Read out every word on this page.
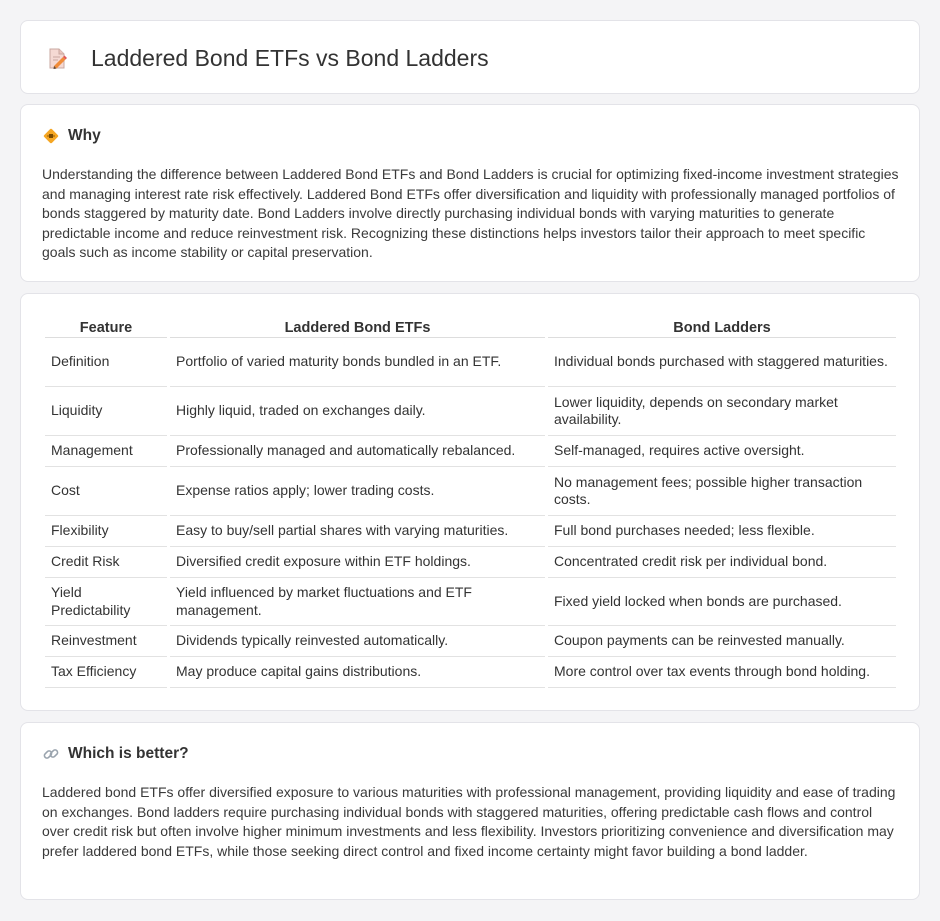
Laddered Bond ETFs vs Bond Ladders
Why

Understanding the difference between Laddered Bond ETFs and Bond Ladders is crucial for optimizing fixed-income investment strategies and managing interest rate risk effectively. Laddered Bond ETFs offer diversification and liquidity with professionally managed portfolios of bonds staggered by maturity date. Bond Ladders involve directly purchasing individual bonds with varying maturities to generate predictable income and reduce reinvestment risk. Recognizing these distinctions helps investors tailor their approach to meet specific goals such as income stability or capital preservation.

Feature	Laddered Bond ETFs	Bond Ladders
Definition	Portfolio of varied maturity bonds bundled in an ETF.	Individual bonds purchased with staggered maturities.
Liquidity	Highly liquid, traded on exchanges daily.	Lower liquidity, depends on secondary market availability.
Management	Professionally managed and automatically rebalanced.	Self-managed, requires active oversight.
Cost	Expense ratios apply; lower trading costs.	No management fees; possible higher transaction costs.
Flexibility	Easy to buy/sell partial shares with varying maturities.	Full bond purchases needed; less flexible.
Credit Risk	Diversified credit exposure within ETF holdings.	Concentrated credit risk per individual bond.
Yield Predictability	Yield influenced by market fluctuations and ETF management.	Fixed yield locked when bonds are purchased.
Reinvestment	Dividends typically reinvested automatically.	Coupon payments can be reinvested manually.
Tax Efficiency	May produce capital gains distributions.	More control over tax events through bond holding.
Which is better?

Laddered bond ETFs offer diversified exposure to various maturities with professional management, providing liquidity and ease of trading on exchanges. Bond ladders require purchasing individual bonds with staggered maturities, offering predictable cash flows and control over credit risk but often involve higher minimum investments and less flexibility. Investors prioritizing convenience and diversification may prefer laddered bond ETFs, while those seeking direct control and fixed income certainty might favor building a bond ladder.
